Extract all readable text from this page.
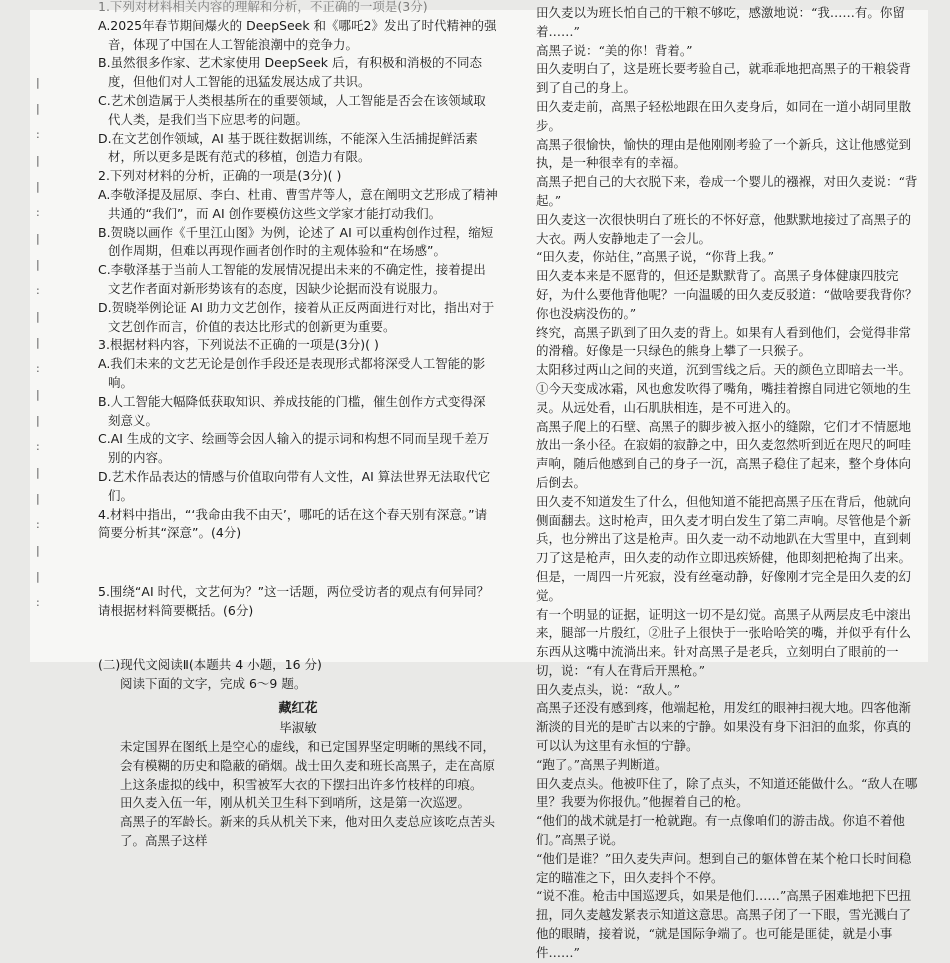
|
|
:
|
|
:
|
|
:
|
|
:
|
|
:
|
|
:
|
|
:

1.下列对材料相关内容的理解和分析，不正确的一项是(3分)

A.2025年春节期间爆火的 DeepSeek 和《哪吒2》发出了时代精神的强音，体现了中国在人工智能浪潮中的竞争力。

B.虽然很多作家、艺术家使用 DeepSeek 后，有积极和消极的不同态度，但他们对人工智能的迅猛发展达成了共识。

C.艺术创造属于人类根基所在的重要领域，人工智能是否会在该领域取代人类，是我们当下应思考的问题。

D.在文艺创作领域，AI 基于既往数据训练，不能深入生活捕捉鲜活素材，所以更多是既有范式的移植，创造力有限。

2.下列对材料的分析，正确的一项是(3分)( )

A.李敬泽提及屈原、李白、杜甫、曹雪芹等人，意在阐明文艺形成了精神共通的“我们”，而 AI 创作要模仿这些文学家才能打动我们。

B.贺晓以画作《千里江山图》为例，论述了 AI 可以重构创作过程，缩短创作周期，但难以再现作画者创作时的主观体验和“在场感”。

C.李敬泽基于当前人工智能的发展情况提出未来的不确定性，接着提出文艺作者面对新形势该有的态度，因缺少论据而没有说服力。

D.贺晓举例论证 AI 助力文艺创作，接着从正反两面进行对比，指出对于文艺创作而言，价值的表达比形式的创新更为重要。

3.根据材料内容，下列说法不正确的一项是(3分)( )

A.我们未来的文艺无论是创作手段还是表现形式都将深受人工智能的影响。

B.人工智能大幅降低获取知识、养成技能的门槛，催生创作方式变得深刻意义。

C.AI 生成的文字、绘画等会因人输入的提示词和构想不同而呈现千差万别的内容。

D.艺术作品表达的情感与价值取向带有人文性，AI 算法世界无法取代它们。

4.材料中指出，“‘我命由我不由天’，哪吒的话在这个春天别有深意。”请简要分析其“深意”。(4分)

5.围绕“AI 时代，文艺何为？”这一话题，两位受访者的观点有何异同？请根据材料简要概括。(6分)

(二)现代文阅读Ⅱ(本题共 4 小题，16 分)

阅读下面的文字，完成 6～9 题。

藏红花

毕淑敏

未定国界在图纸上是空心的虚线，和已定国界坚定明晰的黑线不同，会有模糊的历史和隐蔽的硝烟。战士田久麦和班长高黑子，走在高原上这条虚拟的线中，积雪被军大衣的下摆扫出许多竹枝样的印痕。

田久麦入伍一年，刚从机关卫生科下到哨所，这是第一次巡逻。

高黑子的军龄长。新来的兵从机关下来，他对田久麦总应该吃点苦头了。高黑子这样

田久麦以为班长怕自己的干粮不够吃，感激地说：“我……有。你留着……”

高黑子说：“美的你！背着。”

田久麦明白了，这是班长要考验自己，就乖乖地把高黑子的干粮袋背到了自己的身上。

田久麦走前，高黑子轻松地跟在田久麦身后，如同在一道小胡同里散步。

高黑子很愉快，愉快的理由是他刚刚考验了一个新兵，这让他感觉到执，是一种很幸有的幸福。

高黑子把自己的大衣脱下来，卷成一个婴儿的襁褓，对田久麦说：“背起。”

田久麦这一次很快明白了班长的不怀好意，他默默地接过了高黑子的大衣。两人安静地走了一会儿。

“田久麦，你站住，”高黑子说，“你背上我。”

田久麦本来是不愿背的，但还是默默背了。高黑子身体健康四肢完好，为什么要他背他呢？一向温暖的田久麦反驳道：“做啥要我背你？你也没病没伤的。”

终究，高黑子趴到了田久麦的背上。如果有人看到他们，会觉得非常的滑稽。好像是一只绿色的熊身上攀了一只猴子。

太阳移过两山之间的夹道，沉到雪线之后。天的颜色立即暗去一半。①今天变成冰霜，风也愈发吹得了嘴角，嘴挂着擦自同进它领地的生灵。从远处看，山石肌肤相连，是不可进入的。

高黑子爬上的石壁、高黑子的脚步被入抠小的缝隙，它们才不情愿地放出一条小径。在寂娟的寂静之中，田久麦忽然听到近在咫尺的呵哇声响，随后他感到自己的身子一沉，高黑子稳住了起来，整个身体向后倒去。

田久麦不知道发生了什么，但他知道不能把高黑子压在背后，他就向侧面翻去。这时枪声，田久麦才明白发生了第二声响。尽管他是个新兵，也分辨出了这是枪声。田久麦一动不动地趴在大雪里中，直到刺刀了这是枪声，田久麦的动作立即迅疾矫健，他即刻把枪掏了出来。但是，一周四一片死寂，没有丝毫动静，好像刚才完全是田久麦的幻觉。

有一个明显的证据，证明这一切不是幻觉。高黑子从两层皮毛中滚出来，腿部一片殷红，②肚子上很快于一张哈哈笑的嘴，并似乎有什么东西从这嘴中流淌出来。针对高黑子是老兵，立刻明白了眼前的一切，说：“有人在背后开黑枪。”

田久麦点头，说：“敌人。”

高黑子还没有感到疼，他端起枪，用发红的眼神扫视大地。四客他渐渐淡的目光的是旷古以来的宁静。如果没有身下汩汩的血浆，你真的可以认为这里有永恒的宁静。

“跑了。”高黑子判断道。

田久麦点头。他被吓住了，除了点头，不知道还能做什么。“敌人在哪里？我要为你报仇。”他握着自己的枪。

“他们的战术就是打一枪就跑。有一点像咱们的游击战。你追不着他们。”高黑子说。

“他们是谁？”田久麦失声问。想到自己的躯体曾在某个枪口长时间稳定的瞄准之下，田久麦抖个不停。

“说不准。枪击中国巡逻兵，如果是他们……”高黑子困难地把下巴扭扭，同久麦越发紧表示知道这意思。高黑子闭了一下眼，雪光溅白了他的眼睛，接着说，“就是国际争端了。也可能是匪徒，就是小事件……”
